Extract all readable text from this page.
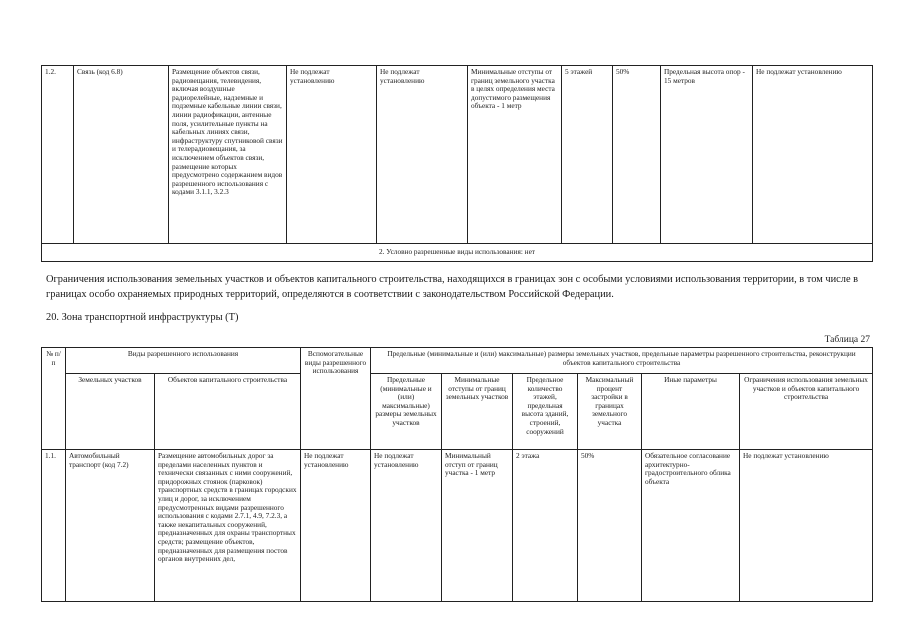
1.2.	Связь (код 6.8)	Размещение объектов связи, радиовещания, телевидения, включая воздушные радиорелейные, надземные и подземные кабельные линии связи, линии радиофикации, антенные поля, усилительные пункты на кабельных линиях связи, инфраструктуру спутниковой связи и телерадиовещания, за исключением объектов связи, размещение которых предусмотрено содержанием видов разрешенного использования с кодами 3.1.1, 3.2.3	Не подлежат установлению	Не подлежат установлению	Минимальные отступы от границ земельного участка в целях определения места допустимого размещения объекта - 1 метр	5 этажей	50%	Предельная высота опор - 15 метров	Не подлежат установлению
2. Условно разрешенные виды использования: нет
Ограничения использования земельных участков и объектов капитального строительства, находящихся в границах зон с особыми условиями использования территории, в том числе в границах особо охраняемых природных территорий, определяются в соответствии с законодательством Российской Федерации.
20. Зона транспортной инфраструктуры (Т)
Таблица 27
№ п/п	Виды разрешенного использования		Вспомогательные виды разрешенного использования	Предельные (минимальные и (или) максимальные) размеры земельных участков, предельные параметры разрешенного строительства, реконструкции объектов капитального строительства					
	Земельных участков	Объектов капитального строительства		Предельные (минимальные и (или) максимальные) размеры земельных участков	Минимальные отступы от границ земельных участков	Предельное количество этажей, предельная высота зданий, строений, сооружений	Максимальный процент застройки в границах земельного участка	Иные параметры	Ограничения использования земельных участков и объектов капитального строительства
1.1.	Автомобильный транспорт (код 7.2)	Размещение автомобильных дорог за пределами населенных пунктов и технически связанных с ними сооружений, придорожных стоянок (парковок) транспортных средств в границах городских улиц и дорог, за исключением предусмотренных видами разрешенного использования с кодами 2.7.1, 4.9, 7.2.3, а также некапитальных сооружений, предназначенных для охраны транспортных средств; размещение объектов, предназначенных для размещения постов органов внутренних дел,	Не подлежат установлению	Не подлежат установлению	Минимальный отступ от границ участка - 1 метр	2 этажа	50%	Обязательное согласование архитектурно-градостроительного облика объекта	Не подлежат установлению
